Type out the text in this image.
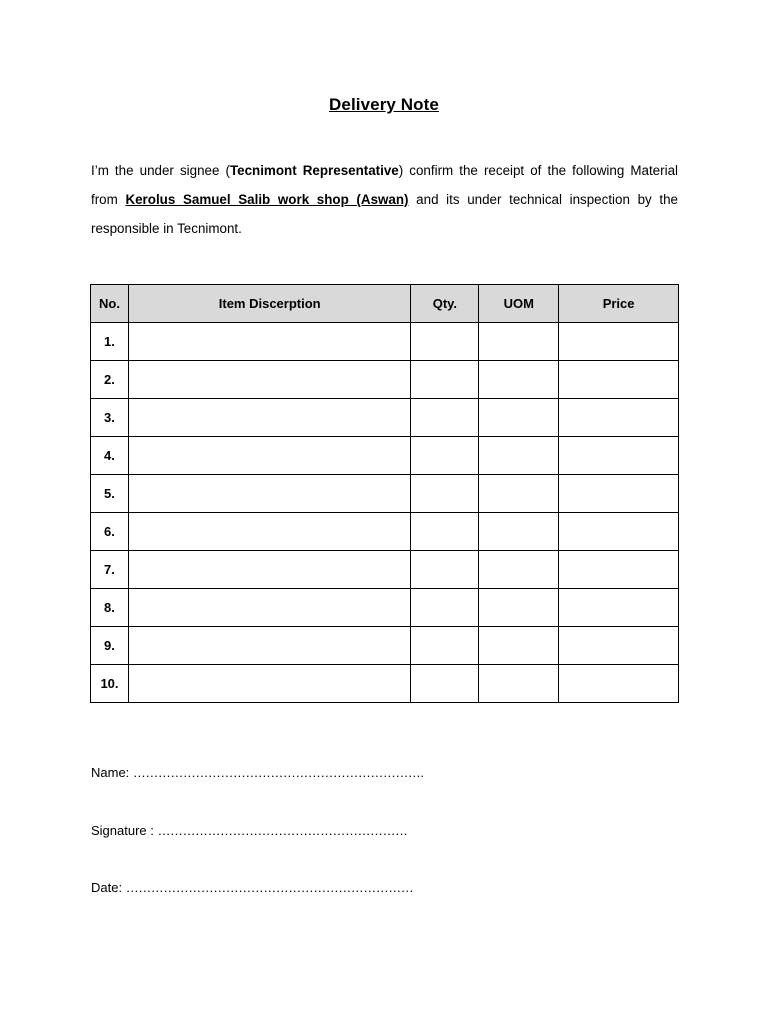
Delivery Note
I’m the under signee (Tecnimont Representative) confirm the receipt of the following Material from Kerolus Samuel Salib work shop (Aswan) and its under technical inspection by the responsible in Tecnimont.
No.	Item Discerption	Qty.	UOM	Price
1.				
2.				
3.				
4.				
5.				
6.				
7.				
8.				
9.				
10.				
Name: …………………………………………………………….
Signature : ……………………………………………………
Date: ……………………………………………………………
